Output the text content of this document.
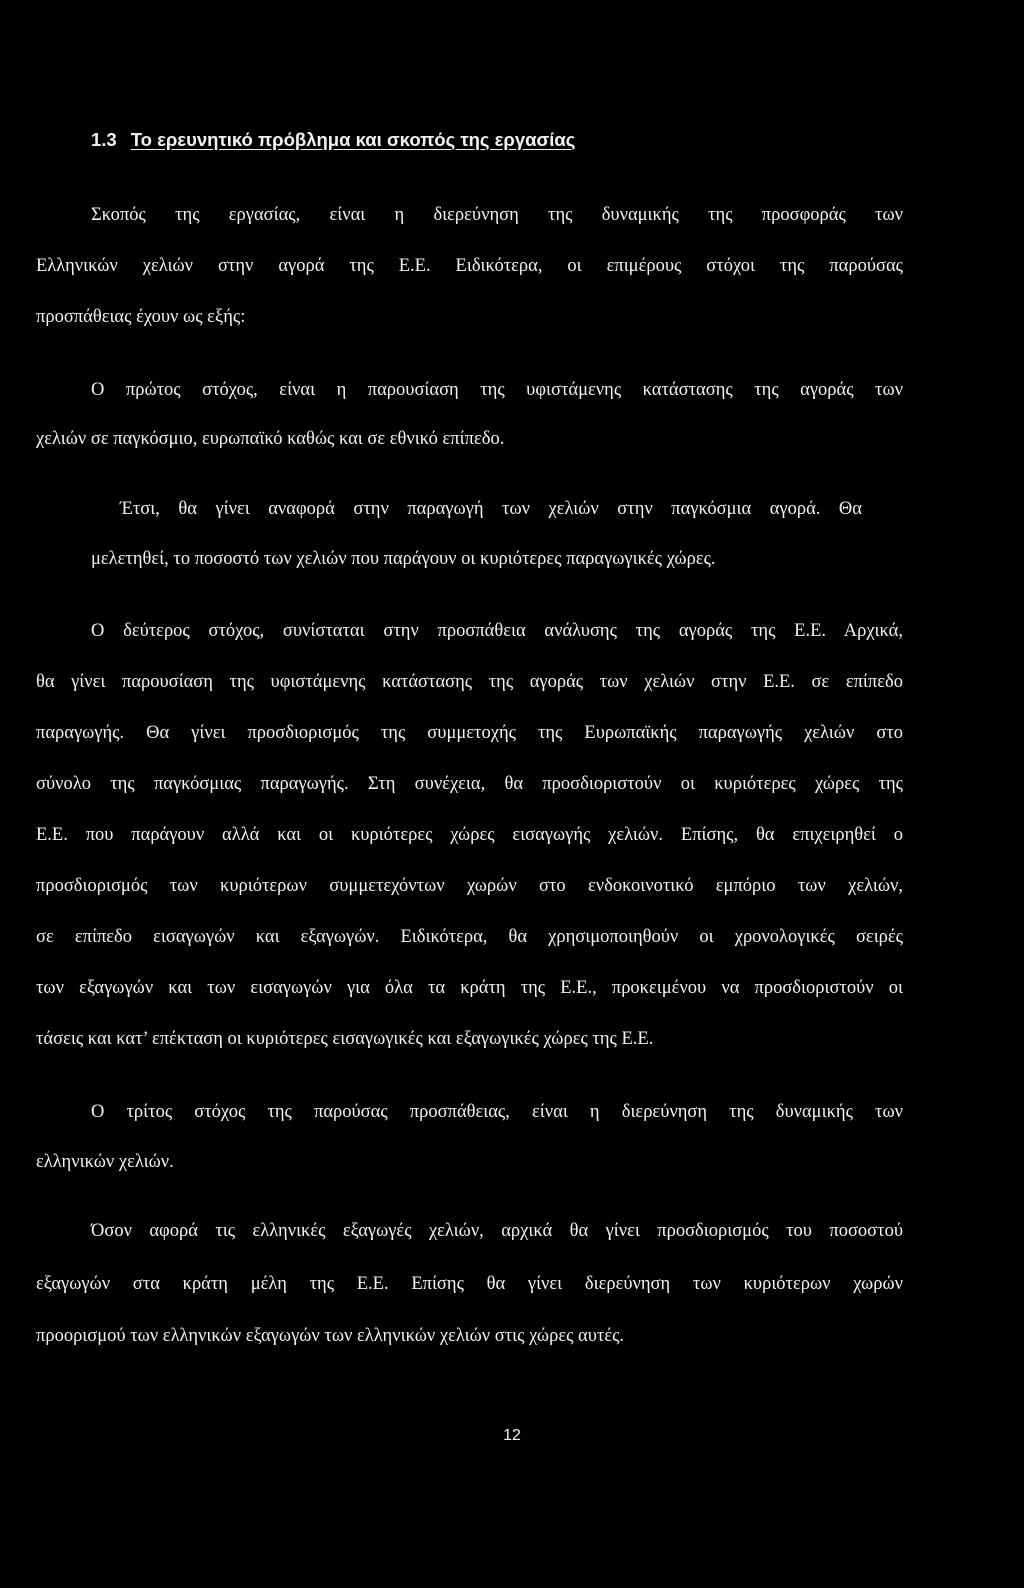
1.3 Το ερευνητικό πρόβλημα και σκοπός της εργασίας
Σκοπός της εργασίας, είναι η διερεύνηση της δυναμικής της προσφοράς των
Ελληνικών χελιών στην αγορά της Ε.Ε. Ειδικότερα, οι επιμέρους στόχοι της παρούσας
προσπάθειας έχουν ως εξής:
Ο πρώτος στόχος, είναι η παρουσίαση της υφιστάμενης κατάστασης της αγοράς των
χελιών σε παγκόσμιο, ευρωπαϊκό καθώς και σε εθνικό επίπεδο.
Έτσι, θα γίνει αναφορά στην παραγωγή των χελιών στην παγκόσμια αγορά. Θα
μελετηθεί, το ποσοστό των χελιών που παράγουν οι κυριότερες παραγωγικές χώρες.
Ο δεύτερος στόχος, συνίσταται στην προσπάθεια ανάλυσης της αγοράς της Ε.Ε. Αρχικά,
θα γίνει παρουσίαση της υφιστάμενης κατάστασης της αγοράς των χελιών στην Ε.Ε. σε επίπεδο
παραγωγής. Θα γίνει προσδιορισμός της συμμετοχής της Ευρωπαϊκής παραγωγής χελιών στο
σύνολο της παγκόσμιας παραγωγής. Στη συνέχεια, θα προσδιοριστούν οι κυριότερες χώρες της
Ε.Ε. που παράγουν αλλά και οι κυριότερες χώρες εισαγωγής χελιών. Επίσης, θα επιχειρηθεί ο
προσδιορισμός των κυριότερων συμμετεχόντων χωρών στο ενδοκοινοτικό εμπόριο των χελιών,
σε επίπεδο εισαγωγών και εξαγωγών. Ειδικότερα, θα χρησιμοποιηθούν οι χρονολογικές σειρές
των εξαγωγών και των εισαγωγών για όλα τα κράτη της Ε.Ε., προκειμένου να προσδιοριστούν οι
τάσεις και κατ’ επέκταση οι κυριότερες εισαγωγικές και εξαγωγικές χώρες της Ε.Ε.
Ο τρίτος στόχος της παρούσας προσπάθειας, είναι η διερεύνηση της δυναμικής των
ελληνικών χελιών.
Όσον αφορά τις ελληνικές εξαγωγές χελιών, αρχικά θα γίνει προσδιορισμός του ποσοστού
εξαγωγών στα κράτη μέλη της Ε.Ε. Επίσης θα γίνει διερεύνηση των κυριότερων χωρών
προορισμού των ελληνικών εξαγωγών των ελληνικών χελιών στις χώρες αυτές.
12
